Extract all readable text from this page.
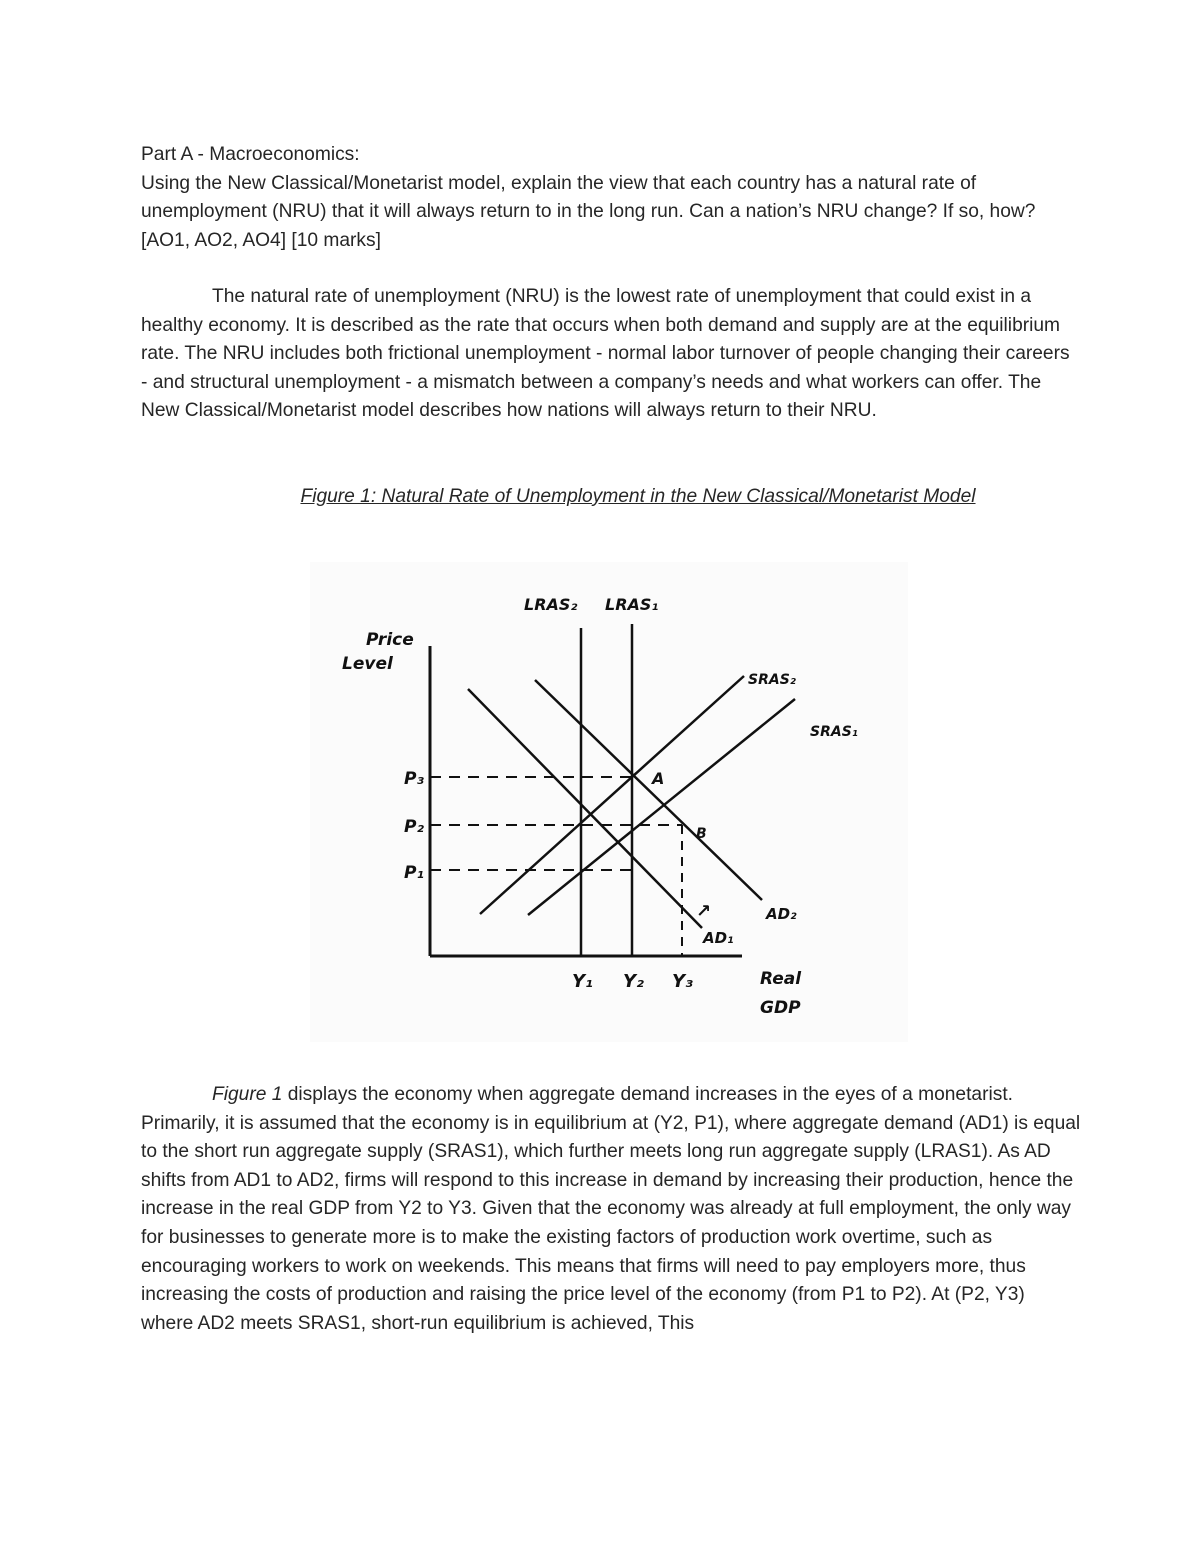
Part A - Macroeconomics:

Using the New Classical/Monetarist model, explain the view that each country has a natural rate of unemployment (NRU) that it will always return to in the long run. Can a nation’s NRU change? If so, how? [AO1, AO2, AO4] [10 marks]

The natural rate of unemployment (NRU) is the lowest rate of unemployment that could exist in a healthy economy. It is described as the rate that occurs when both demand and supply are at the equilibrium rate. The NRU includes both frictional unemployment - normal labor turnover of people changing their careers - and structural unemployment - a mismatch between a company’s needs and what workers can offer. The New Classical/Monetarist model describes how nations will always return to their NRU.

Figure 1: Natural Rate of Unemployment in the New Classical/Monetarist Model
Price
Level
Real
GDP
LRAS₂ LRAS₁
SRAS₂
SRAS₁
AD₂
AD₁
P₃
P₂
P₁
Y₁ Y₂ Y₃
A
B
↗

Figure 1 displays the economy when aggregate demand increases in the eyes of a monetarist. Primarily, it is assumed that the economy is in equilibrium at (Y2, P1), where aggregate demand (AD1) is equal to the short run aggregate supply (SRAS1), which further meets long run aggregate supply (LRAS1). As AD shifts from AD1 to AD2, firms will respond to this increase in demand by increasing their production, hence the increase in the real GDP from Y2 to Y3. Given that the economy was already at full employment, the only way for businesses to generate more is to make the existing factors of production work overtime, such as encouraging workers to work on weekends. This means that firms will need to pay employers more, thus increasing the costs of production and raising the price level of the economy (from P1 to P2). At (P2, Y3) where AD2 meets SRAS1, short-run equilibrium is achieved, This
